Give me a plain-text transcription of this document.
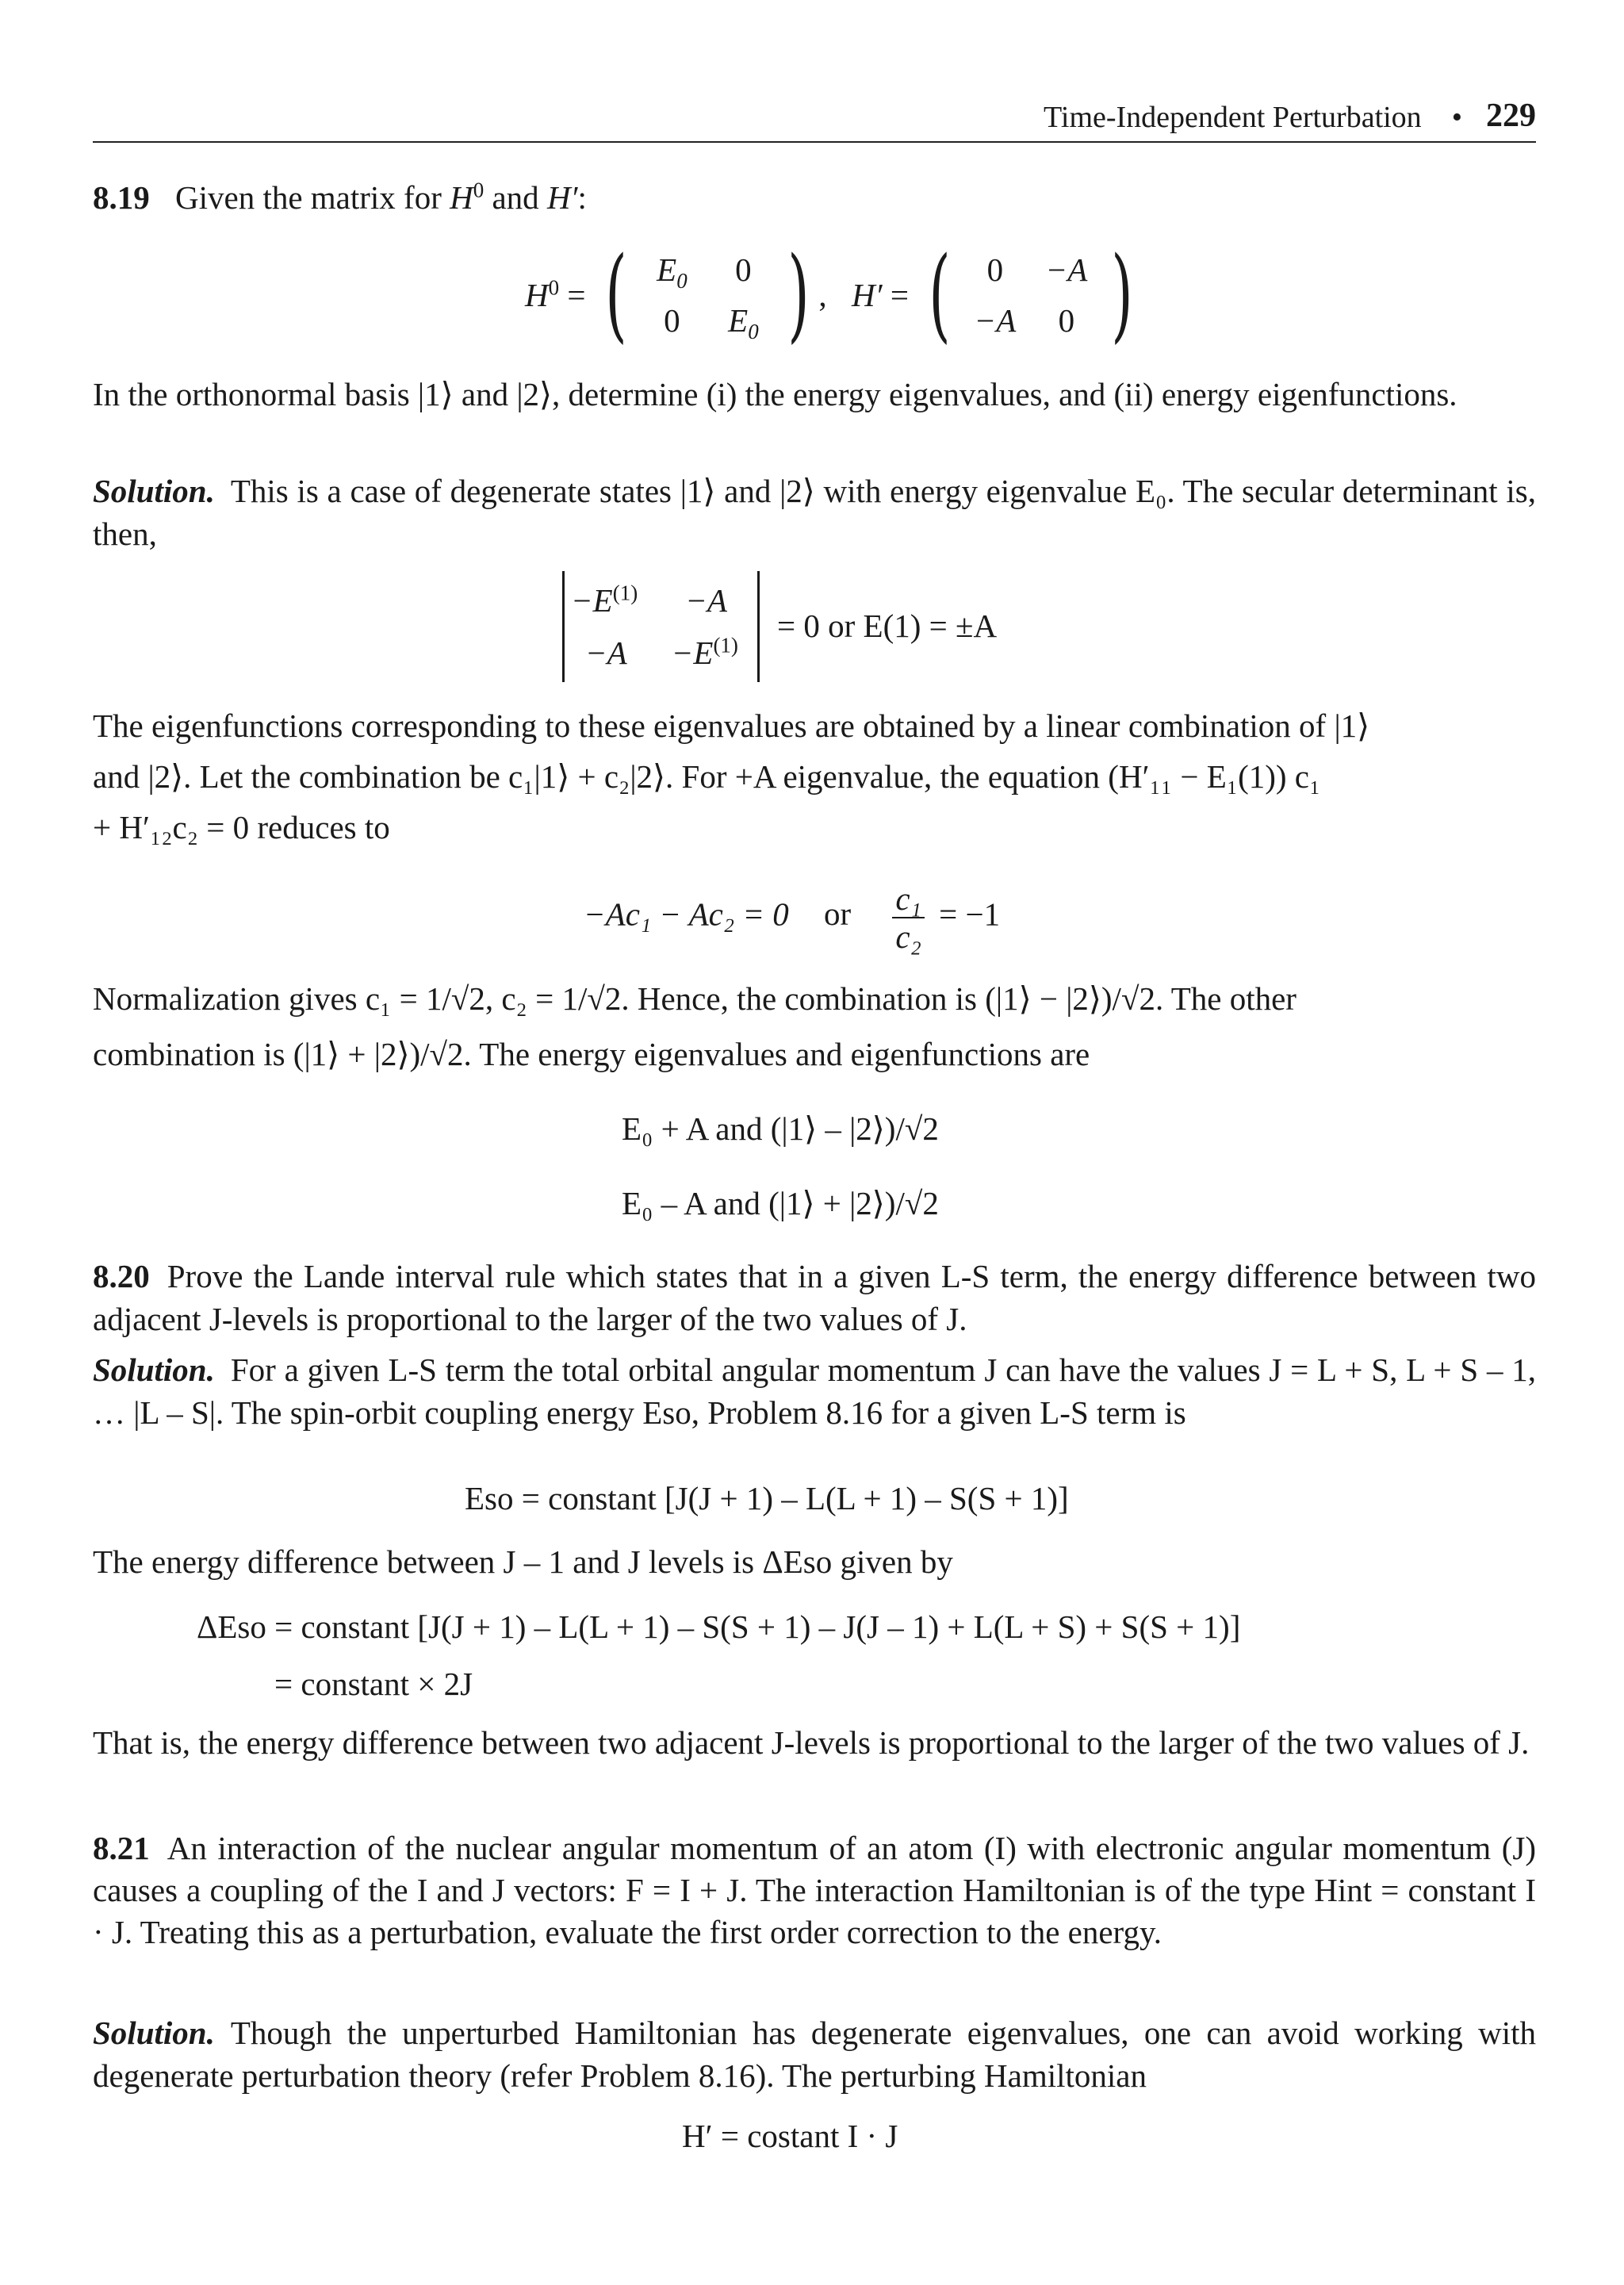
Time-Independent Perturbation • 229
8.19 Given the matrix for $H^0$ and H′:
$H^0$ = ( $E_0$	0
0	$E_0$ ) , H′ = (	0	−A
−A	0 )
In the orthonormal basis |1⟩ and |2⟩, determine (i) the energy eigenvalues, and (ii) energy eigenfunctions.
Solution. This is a case of degenerate states |1⟩ and |2⟩ with energy eigenvalue E₀. The secular determinant is, then,
$-E^{(1)} -A$
$-A -E^{(1)}$
= 0 or E(1) = ±A
The eigenfunctions corresponding to these eigenvalues are obtained by a linear combination of |1⟩
and |2⟩. Let the combination be c₁|1⟩ + c₂|2⟩. For +A eigenvalue, the equation (H′₁₁ − E₁(1)) c₁
+ H′₁₂c₂ = 0 reduces to
−Ac₁ − Ac₂ = 0 or $\frac{\text{c₁}}{\text{c₂}} = -1$
Normalization gives c₁ = 1/√2, c₂ = 1/√2. Hence, the combination is (|1⟩ − |2⟩)/√2. The other
combination is (|1⟩ + |2⟩)/√2. The energy eigenvalues and eigenfunctions are
E₀ + A and (|1⟩ – |2⟩)/√2
E₀ – A and (|1⟩ + |2⟩)/√2
8.20 Prove the Lande interval rule which states that in a given L-S term, the energy difference between two adjacent J-levels is proportional to the larger of the two values of J.
Solution. For a given L-S term the total orbital angular momentum J can have the values J = L + S, L + S – 1, … |L – S|. The spin-orbit coupling energy Eso, Problem 8.16 for a given L-S term is
Eso = constant [J(J + 1) – L(L + 1) – S(S + 1)]
The energy difference between J – 1 and J levels is ΔEso given by
ΔEso = constant [J(J + 1) – L(L + 1) – S(S + 1) – J(J – 1) + L(L + S) + S(S + 1)]
= constant × 2J
That is, the energy difference between two adjacent J-levels is proportional to the larger of the two values of J.
8.21 An interaction of the nuclear angular momentum of an atom (I) with electronic angular momentum (J) causes a coupling of the I and J vectors: F = I + J. The interaction Hamiltonian is of the type Hint = constant I · J. Treating this as a perturbation, evaluate the first order correction to the energy.
Solution. Though the unperturbed Hamiltonian has degenerate eigenvalues, one can avoid working with degenerate perturbation theory (refer Problem 8.16). The perturbing Hamiltonian
H′ = costant I · J
